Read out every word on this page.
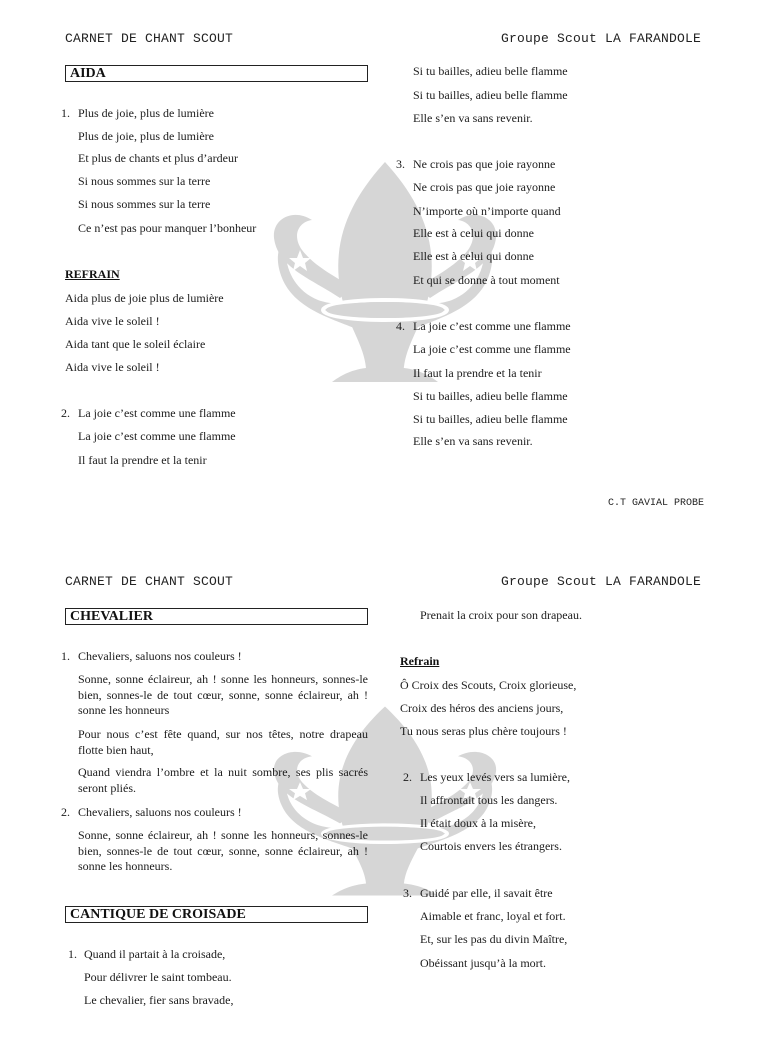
CARNET DE CHANT SCOUT	Groupe Scout LA FARANDOLE
AIDA
1. Plus de joie, plus de lumière
Plus de joie, plus de lumière
Et plus de chants et plus d’ardeur
Si nous sommes sur la terre
Si nous sommes sur la terre
Ce n’est pas pour manquer l’bonheur
REFRAIN
Aida plus de joie plus de lumière
Aida vive le soleil !
Aida tant que le soleil éclaire
Aida vive le soleil !
2. La joie c’est comme une flamme
La joie c’est comme une flamme
Il faut la prendre et la tenir
Si tu bailles, adieu belle flamme
Si tu bailles, adieu belle flamme
Elle s’en va sans revenir.
3. Ne crois pas que joie rayonne
Ne crois pas que joie rayonne
N’importe où n’importe quand
Elle est à celui qui donne
Elle est à celui qui donne
Et qui se donne à tout moment
4. La joie c’est comme une flamme
La joie c’est comme une flamme
Il faut la prendre et la tenir
Si tu bailles, adieu belle flamme
Si tu bailles, adieu belle flamme
Elle s’en va sans revenir.
C.T GAVIAL PROBE
CARNET DE CHANT SCOUT	Groupe Scout LA FARANDOLE
CHEVALIER
1. Chevaliers, saluons nos couleurs !
Sonne, sonne éclaireur, ah ! sonne les honneurs, sonnes-le bien, sonnes-le de tout cœur, sonne, sonne éclaireur, ah ! sonne les honneurs
Pour nous c’est fête quand, sur nos têtes, notre drapeau flotte bien haut,
Quand viendra l’ombre et la nuit sombre, ses plis sacrés seront pliés.
2. Chevaliers, saluons nos couleurs !
Sonne, sonne éclaireur, ah ! sonne les honneurs, sonnes-le bien, sonnes-le de tout cœur, sonne, sonne éclaireur, ah ! sonne les honneurs.
CANTIQUE DE CROISADE
1. Quand il partait à la croisade,
Pour délivrer le saint tombeau.
Le chevalier, fier sans bravade,
Prenait la croix pour son drapeau.
Refrain
Ô Croix des Scouts, Croix glorieuse,
Croix des héros des anciens jours,
Tu nous seras plus chère toujours !
2. Les yeux levés vers sa lumière,
Il affrontait tous les dangers.
Il était doux à la misère,
Courtois envers les étrangers.
3. Guidé par elle, il savait être
Aimable et franc, loyal et fort.
Et, sur les pas du divin Maître,
Obéissant jusqu’à la mort.
